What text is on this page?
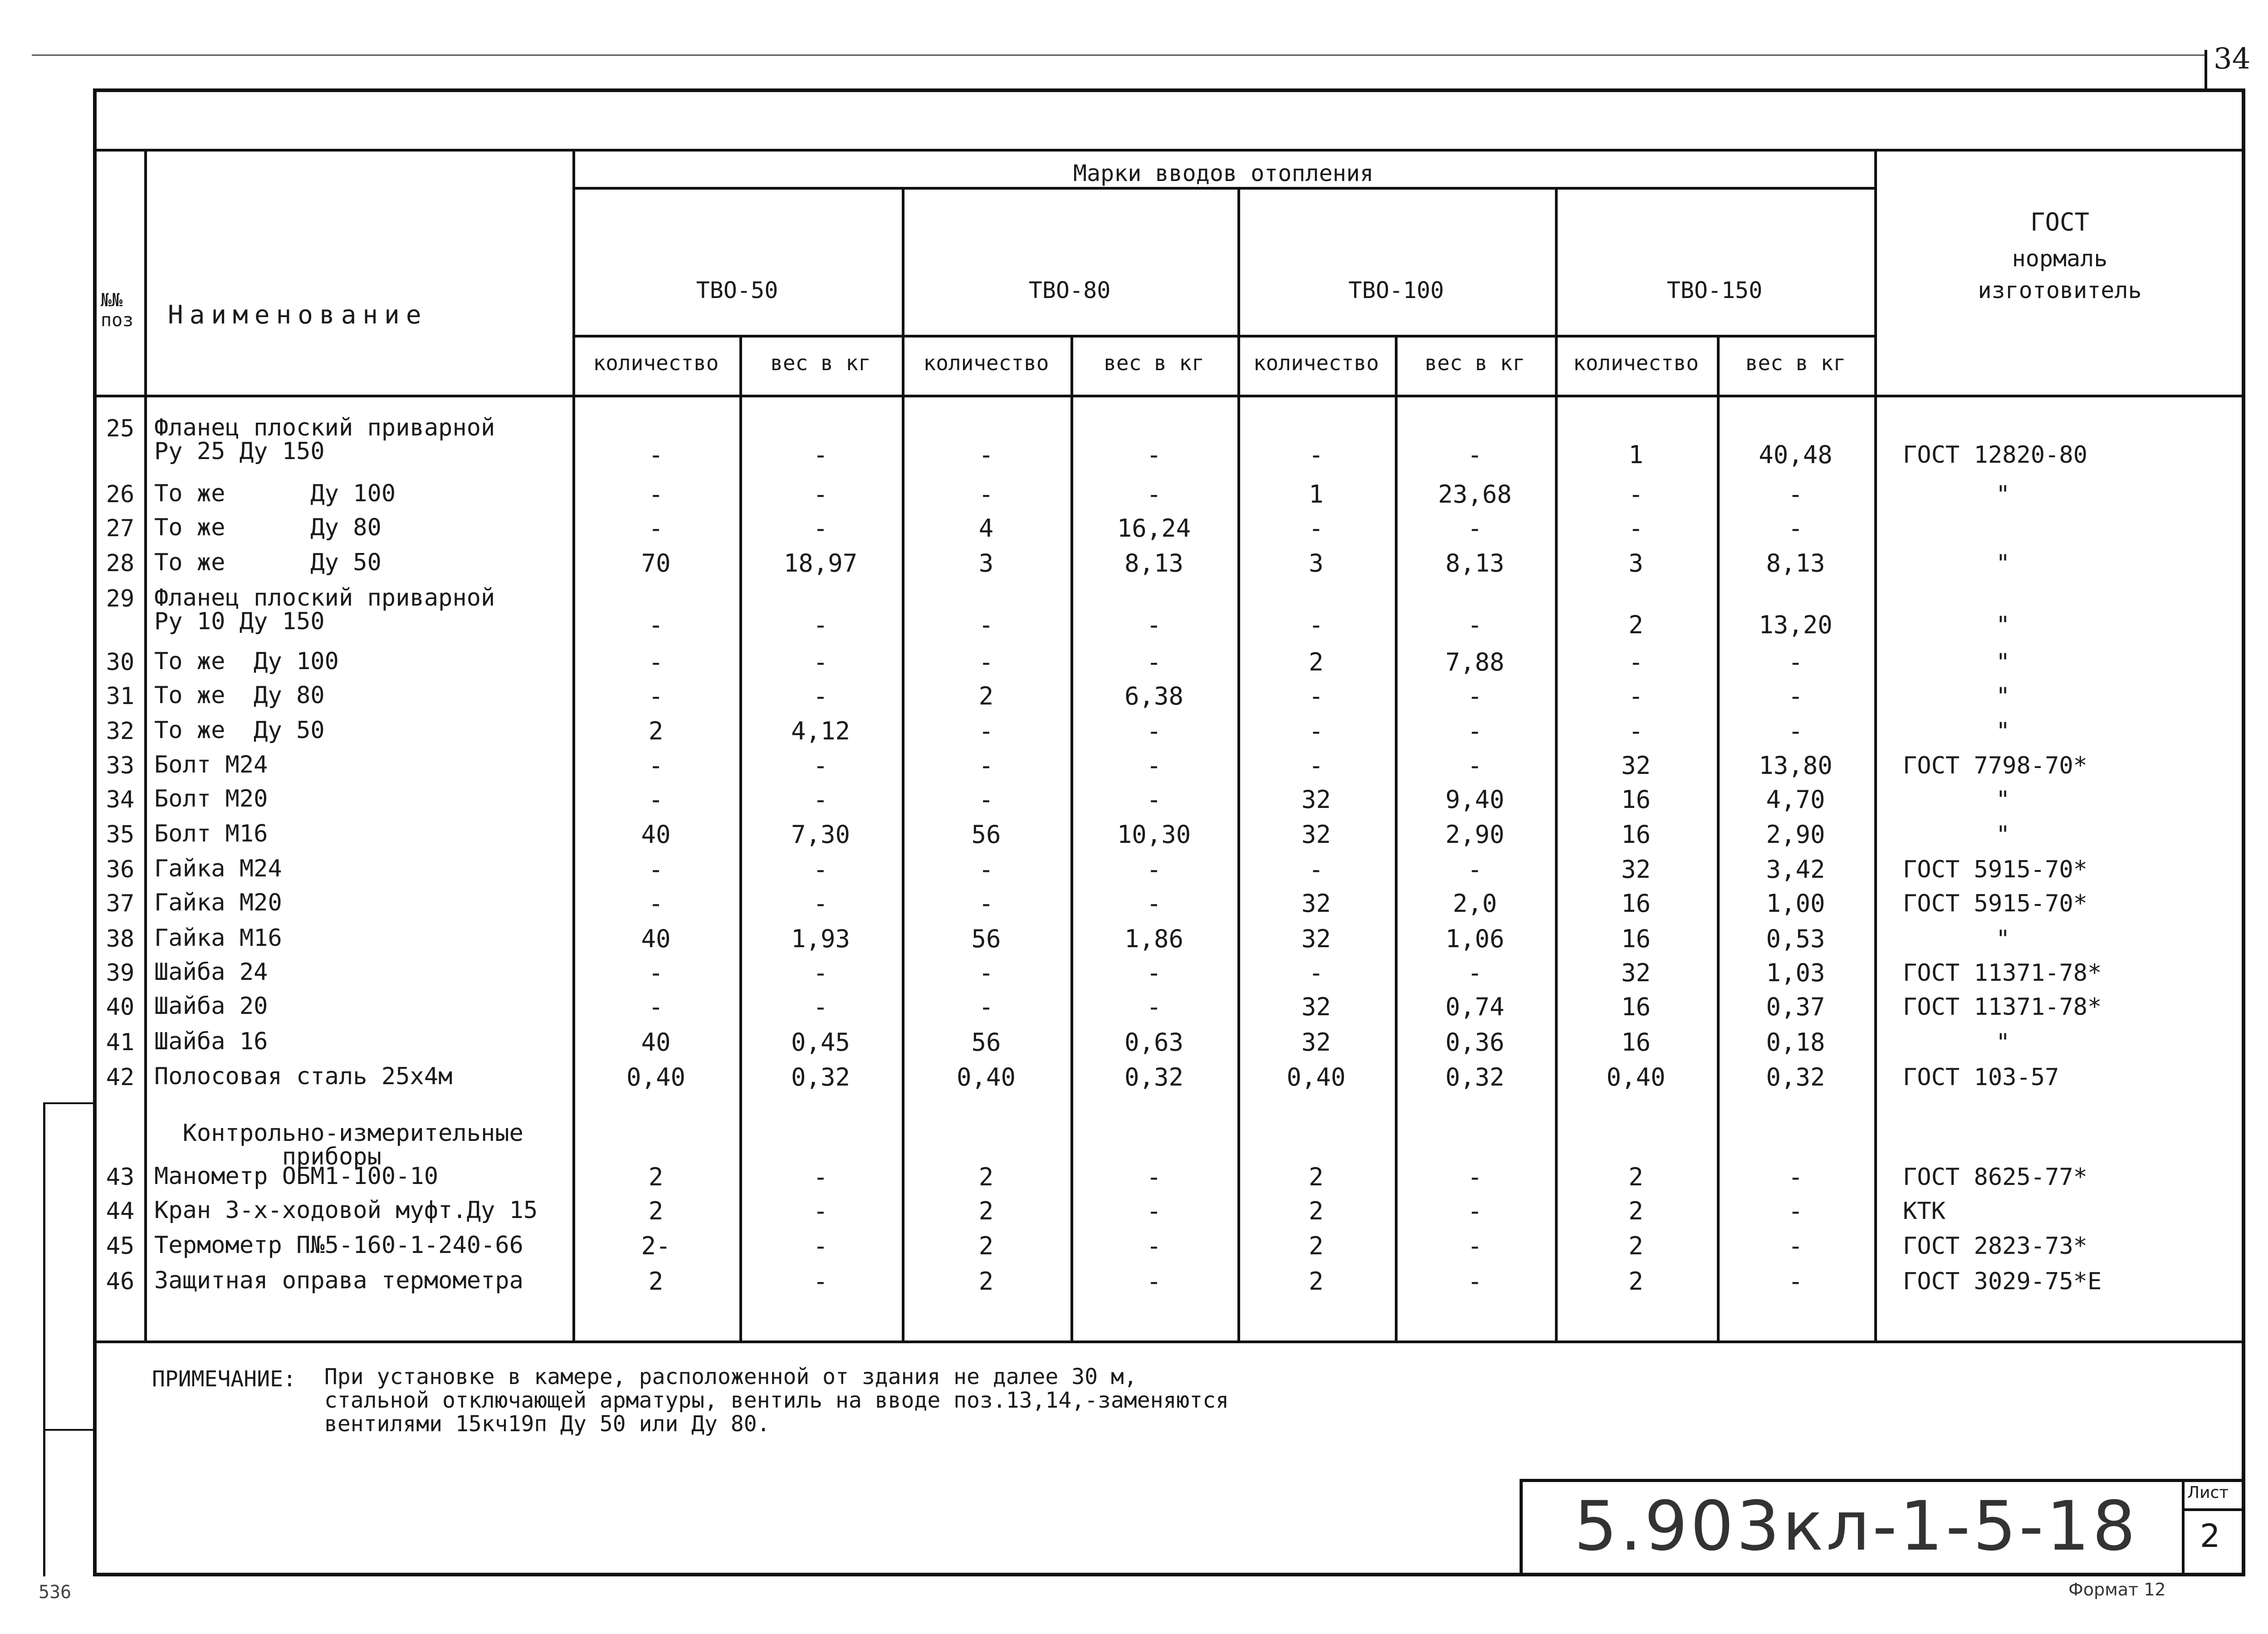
34
№№
поз	Наименование
Марки вводов отопления
ТВО-50	ТВО-80	ТВО-100	ТВО-150
количество	вес в кг	количество	вес в кг	количество	вес в кг	количество	вес в кг
ГОСТ
нормаль
изготовитель
25 Фланец плоский приварной
Ру 25 Ду 150	-	-	-	-	-	-	1	40,48	ГОСТ 12820-80
26 То же      Ду 100	-	-	-	-	1	23,68	-	-	"
27 То же      Ду 80	-	-	4	16,24	-	-	-	-
28 То же      Ду 50	70	18,97	3	8,13	3	8,13	3	8,13	"
29 Фланец плоский приварной
Ру 10 Ду 150	-	-	-	-	-	-	2	13,20	"
30 То же  Ду 100	-	-	-	-	2	7,88	-	-	"
31 То же  Ду 80	-	-	2	6,38	-	-	-	-	"
32 То же  Ду 50	2	4,12	-	-	-	-	-	-	"
33 Болт М24	-	-	-	-	-	-	32	13,80	ГОСТ 7798-70*
34 Болт М20	-	-	-	-	32	9,40	16	4,70	"
35 Болт М16	40	7,30	56	10,30	32	2,90	16	2,90	"
36 Гайка М24	-	-	-	-	-	-	32	3,42	ГОСТ 5915-70*
37 Гайка М20	-	-	-	-	32	2,0	16	1,00	ГОСТ 5915-70*
38 Гайка М16	40	1,93	56	1,86	32	1,06	16	0,53	"
39 Шайба 24	-	-	-	-	-	-	32	1,03	ГОСТ 11371-78*
40 Шайба 20	-	-	-	-	32	0,74	16	0,37	ГОСТ 11371-78*
41 Шайба 16	40	0,45	56	0,63	32	0,36	16	0,18	"
42 Полосовая сталь 25х4м	0,40	0,32	0,40	0,32	0,40	0,32	0,40	0,32	ГОСТ 103-57
Контрольно-измерительные
приборы
43 Манометр ОБМ1-100-10	2	-	2	-	2	-	2	-	ГОСТ 8625-77*
44 Кран 3-х-ходовой муфт.Ду 15	2	-	2	-	2	-	2	-	КТК
45 Термометр П№5-160-1-240-66	2-	-	2	-	2	-	2	-	ГОСТ 2823-73*
46 Защитная оправа термометра	2	-	2	-	2	-	2	-	ГОСТ 3029-75*Е
ПРИМЕЧАНИЕ: При установке в камере, расположенной от здания не далее 30 м,
стальной отключающей арматуры, вентиль на вводе поз.13,14,-заменяются
вентилями 15кч19п Ду 50 или Ду 80.
5.903кл-1-5-18	Лист
2
Формат 12
536
